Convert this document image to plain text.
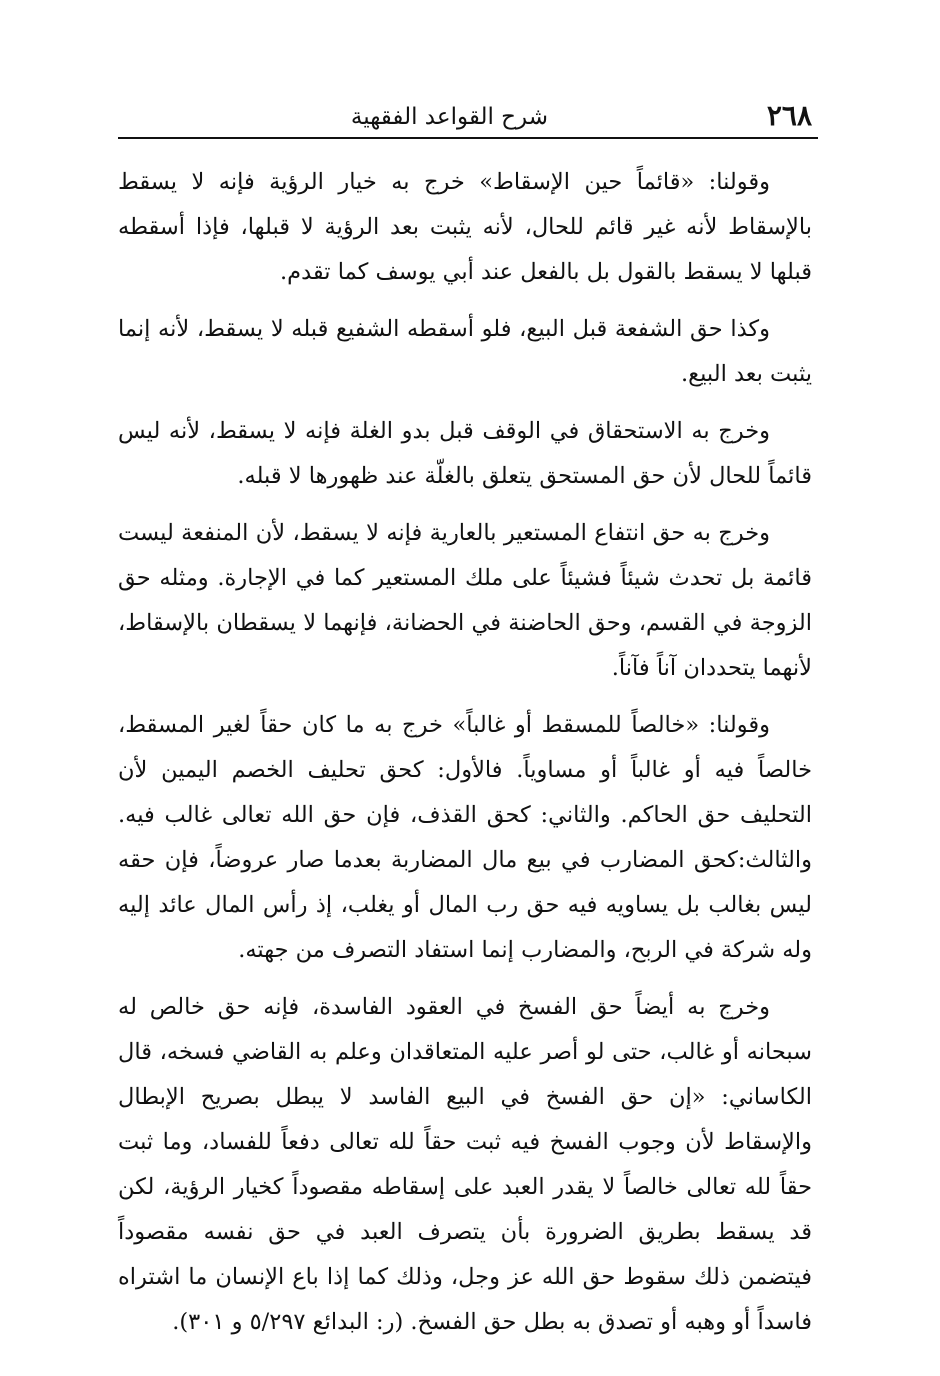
٢٦٨
شرح القواعد الفقهية

وقولنا: «قائماً حين الإسقاط» خرج به خيار الرؤية فإنه لا يسقط بالإسقاط لأنه غير قائم للحال، لأنه يثبت بعد الرؤية لا قبلها، فإذا أسقطه قبلها لا يسقط بالقول بل بالفعل عند أبي يوسف كما تقدم.

وكذا حق الشفعة قبل البيع، فلو أسقطه الشفيع قبله لا يسقط، لأنه إنما يثبت بعد البيع.

وخرج به الاستحقاق في الوقف قبل بدو الغلة فإنه لا يسقط، لأنه ليس قائماً للحال لأن حق المستحق يتعلق بالغلّة عند ظهورها لا قبله.

وخرج به حق انتفاع المستعير بالعارية فإنه لا يسقط، لأن المنفعة ليست قائمة بل تحدث شيئاً فشيئاً على ملك المستعير كما في الإجارة. ومثله حق الزوجة في القسم، وحق الحاضنة في الحضانة، فإنهما لا يسقطان بالإسقاط، لأنهما يتحددان آناً فآناً.

وقولنا: «خالصاً للمسقط أو غالباً» خرج به ما كان حقاً لغير المسقط، خالصاً فيه أو غالباً أو مساوياً. فالأول: كحق تحليف الخصم اليمين لأن التحليف حق الحاكم. والثاني: كحق القذف، فإن حق الله تعالى غالب فيه. والثالث:كحق المضارب في بيع مال المضاربة بعدما صار عروضاً، فإن حقه ليس بغالب بل يساويه فيه حق رب المال أو يغلب، إذ رأس المال عائد إليه وله شركة في الربح، والمضارب إنما استفاد التصرف من جهته.

وخرج به أيضاً حق الفسخ في العقود الفاسدة، فإنه حق خالص له سبحانه أو غالب، حتى لو أصر عليه المتعاقدان وعلم به القاضي فسخه، قال الكاساني: «إن حق الفسخ في البيع الفاسد لا يبطل بصريح الإبطال والإسقاط لأن وجوب الفسخ فيه ثبت حقاً لله تعالى دفعاً للفساد، وما ثبت حقاً لله تعالى خالصاً لا يقدر العبد على إسقاطه مقصوداً كخيار الرؤية، لكن قد يسقط بطريق الضرورة بأن يتصرف العبد في حق نفسه مقصوداً فيتضمن ذلك سقوط حق الله عز وجل، وذلك كما إذا باع الإنسان ما اشتراه فاسداً أو وهبه أو تصدق به بطل حق الفسخ. (ر: البدائع ٥/٢٩٧ و ٣٠١).
